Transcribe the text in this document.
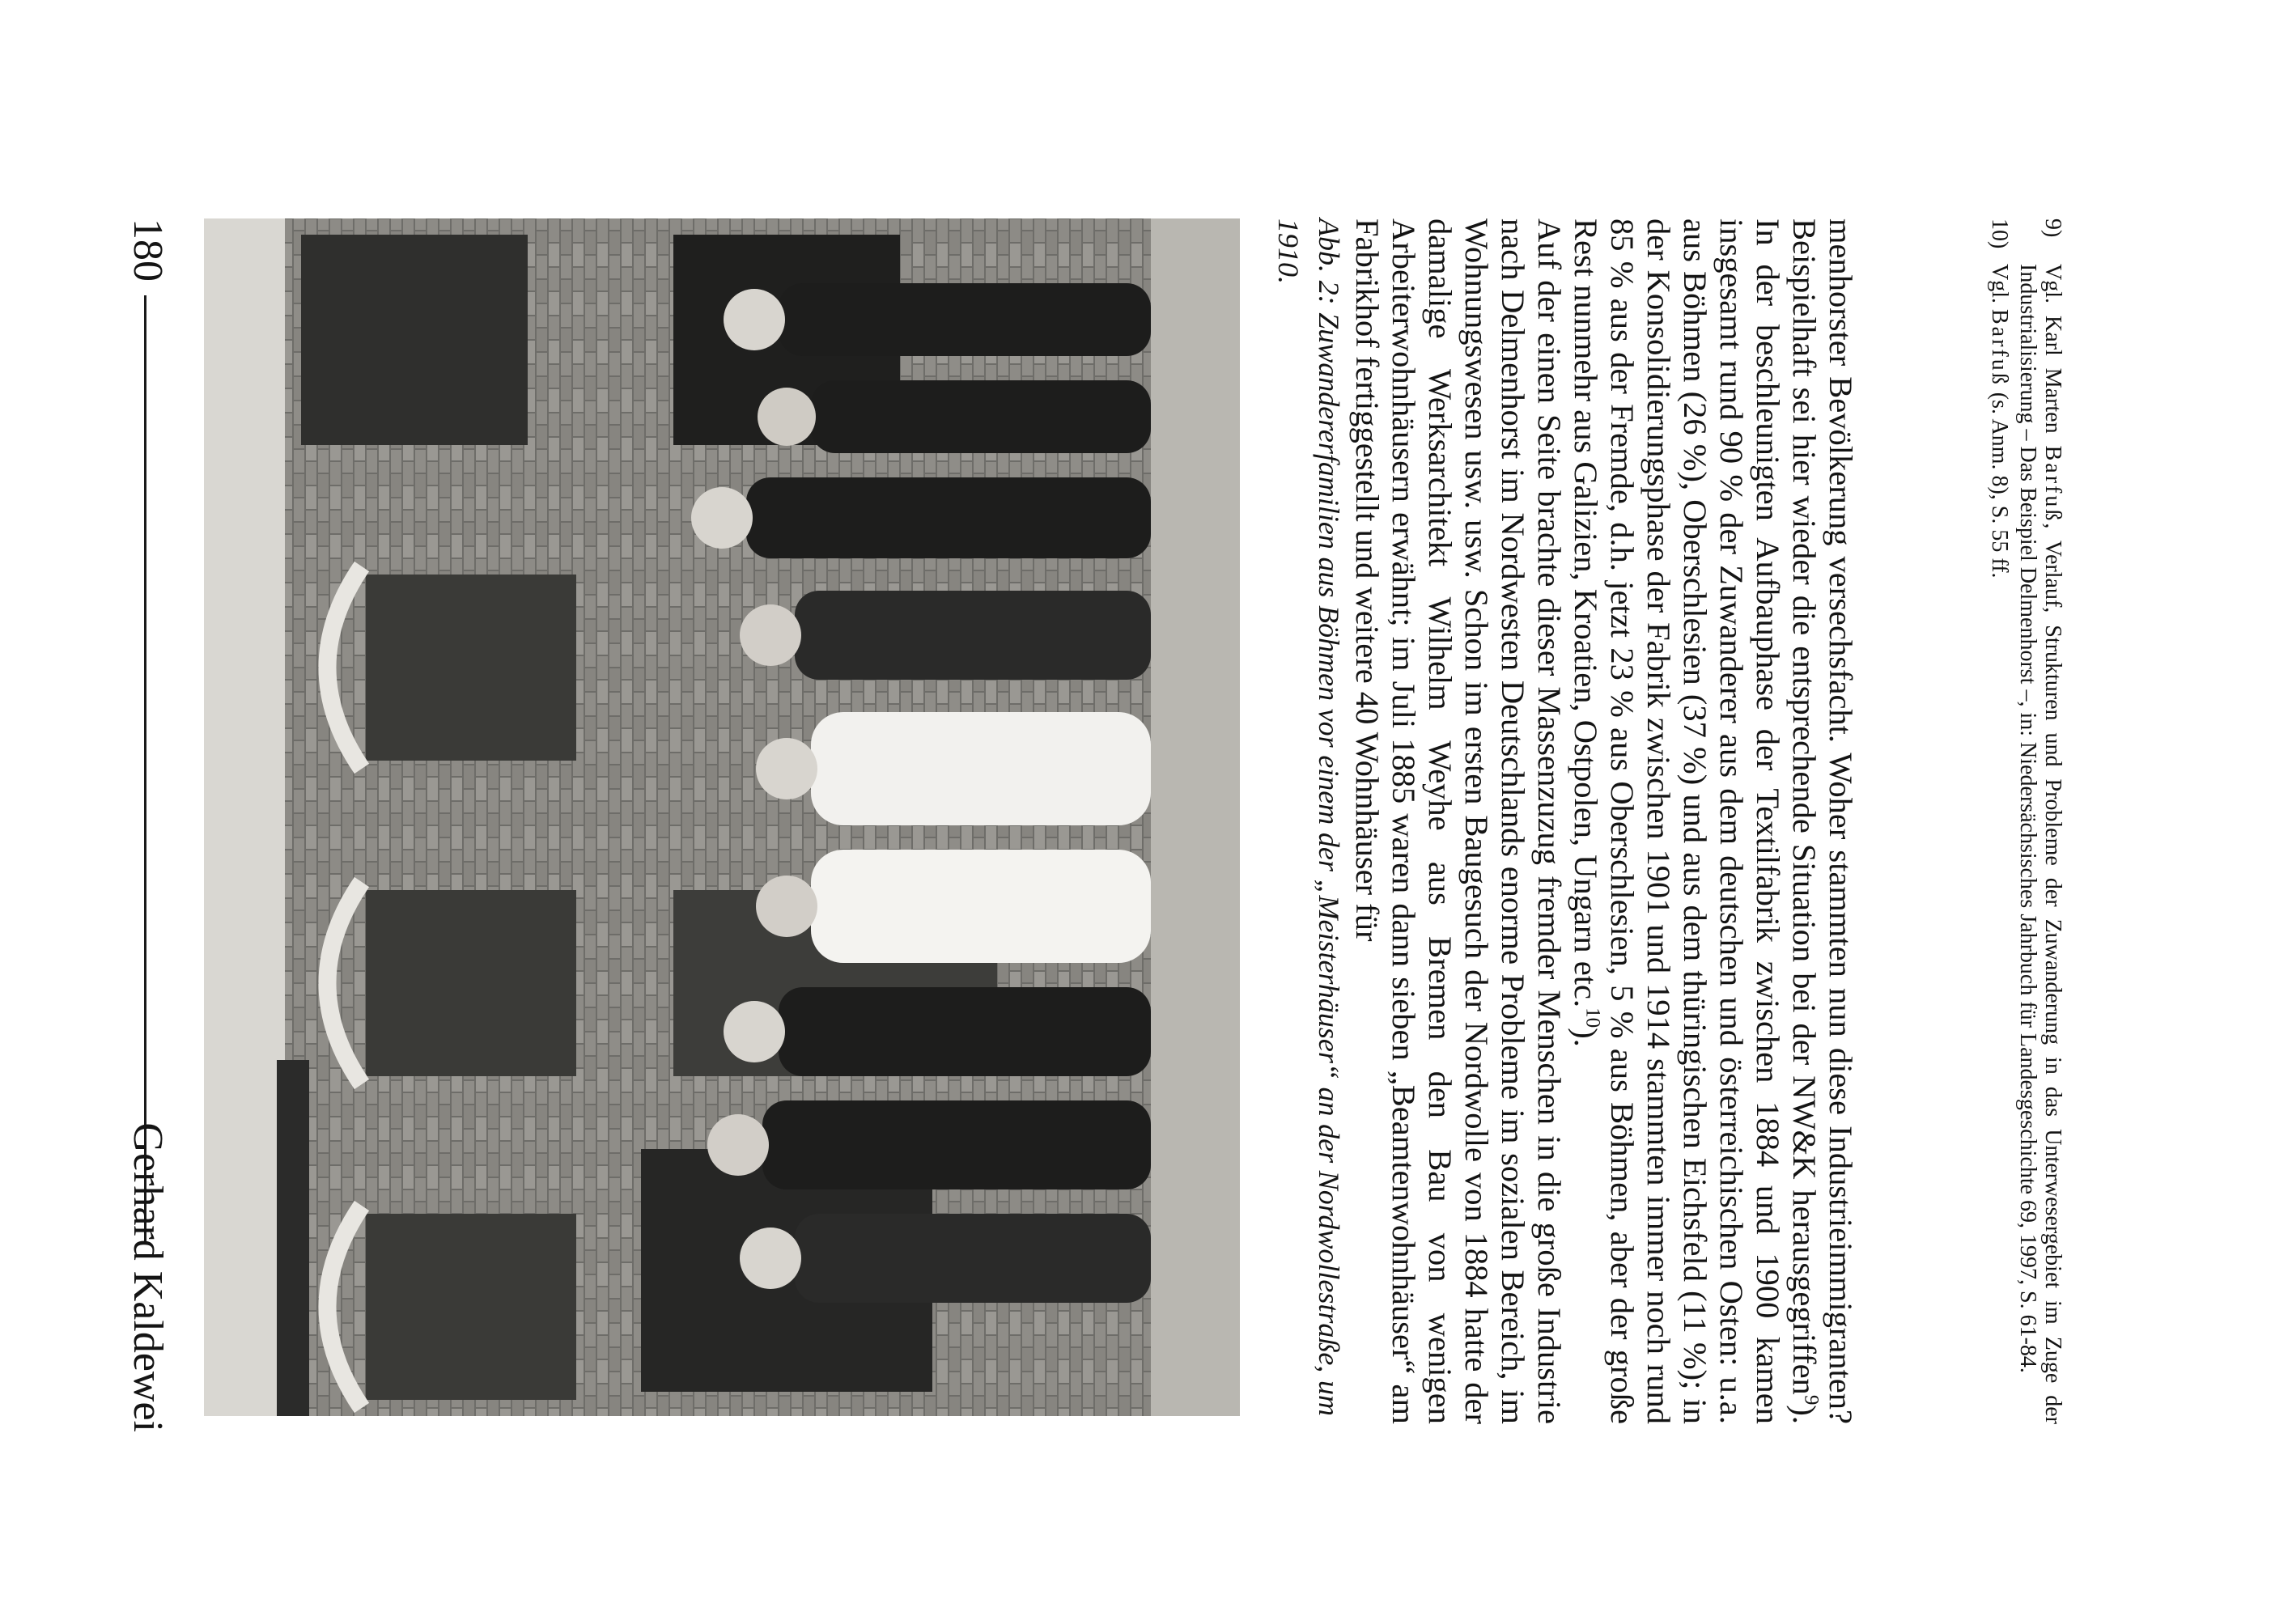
180
Gerhard Kaldewei	Abb. 2: Zuwandererfamilien aus Böhmen vor einem der „Meisterhäuser“ an der Nordwollestraße, um 1910.	menhorster Bevölkerung versechsfacht. Woher stammten nun diese Industrieimmigranten? Beispielhaft sei hier wieder die entsprechende Situation bei der NW&K herausgegriffen$^9$). In der beschleunigten Aufbauphase der Textilfabrik zwischen 1884 und 1900 kamen insgesamt rund 90 % der Zuwanderer aus dem deutschen und österreichischen Osten: u.a. aus Böhmen (26 %), Oberschlesien (37 %) und aus dem thüringischen Eichsfeld (11 %); in der Konsolidierungsphase der Fabrik zwischen 1901 und 1914 stammten immer noch rund 85 % aus der Fremde, d.h. jetzt 23 % aus Oberschlesien, 5 % aus Böhmen, aber der große Rest nunmehr aus Galizien, Kroatien, Ostpolen, Ungarn etc.$^{10}$).

Auf der einen Seite brachte dieser Massenzuzug fremder Menschen in die große Industrie nach Delmenhorst im Nordwesten Deutschlands enorme Probleme im sozialen Bereich, im Wohnungswesen usw. usw. Schon im ersten Baugesuch der Nordwolle von 1884 hatte der damalige Werksarchitekt Wilhelm Weyhe aus Bremen den Bau von wenigen Arbeiterwohnhäusern erwähnt; im Juli 1885 waren dann sieben „Beamtenwohnhäuser“ am Fabrikhof fertiggestellt und weitere 40 Wohnhäuser für	9)
Vgl. Karl Marten Barfuß, Verlauf, Strukturen und Probleme der Zuwanderung in das Unterwesergebiet im Zuge der Industrialisierung – Das Beispiel Delmenhorst –, in: Niedersächsisches Jahrbuch für Landesgeschichte 69, 1997, S. 61-84.
10)
Vgl. Barfuß (s. Anm. 8), S. 55 ff.
